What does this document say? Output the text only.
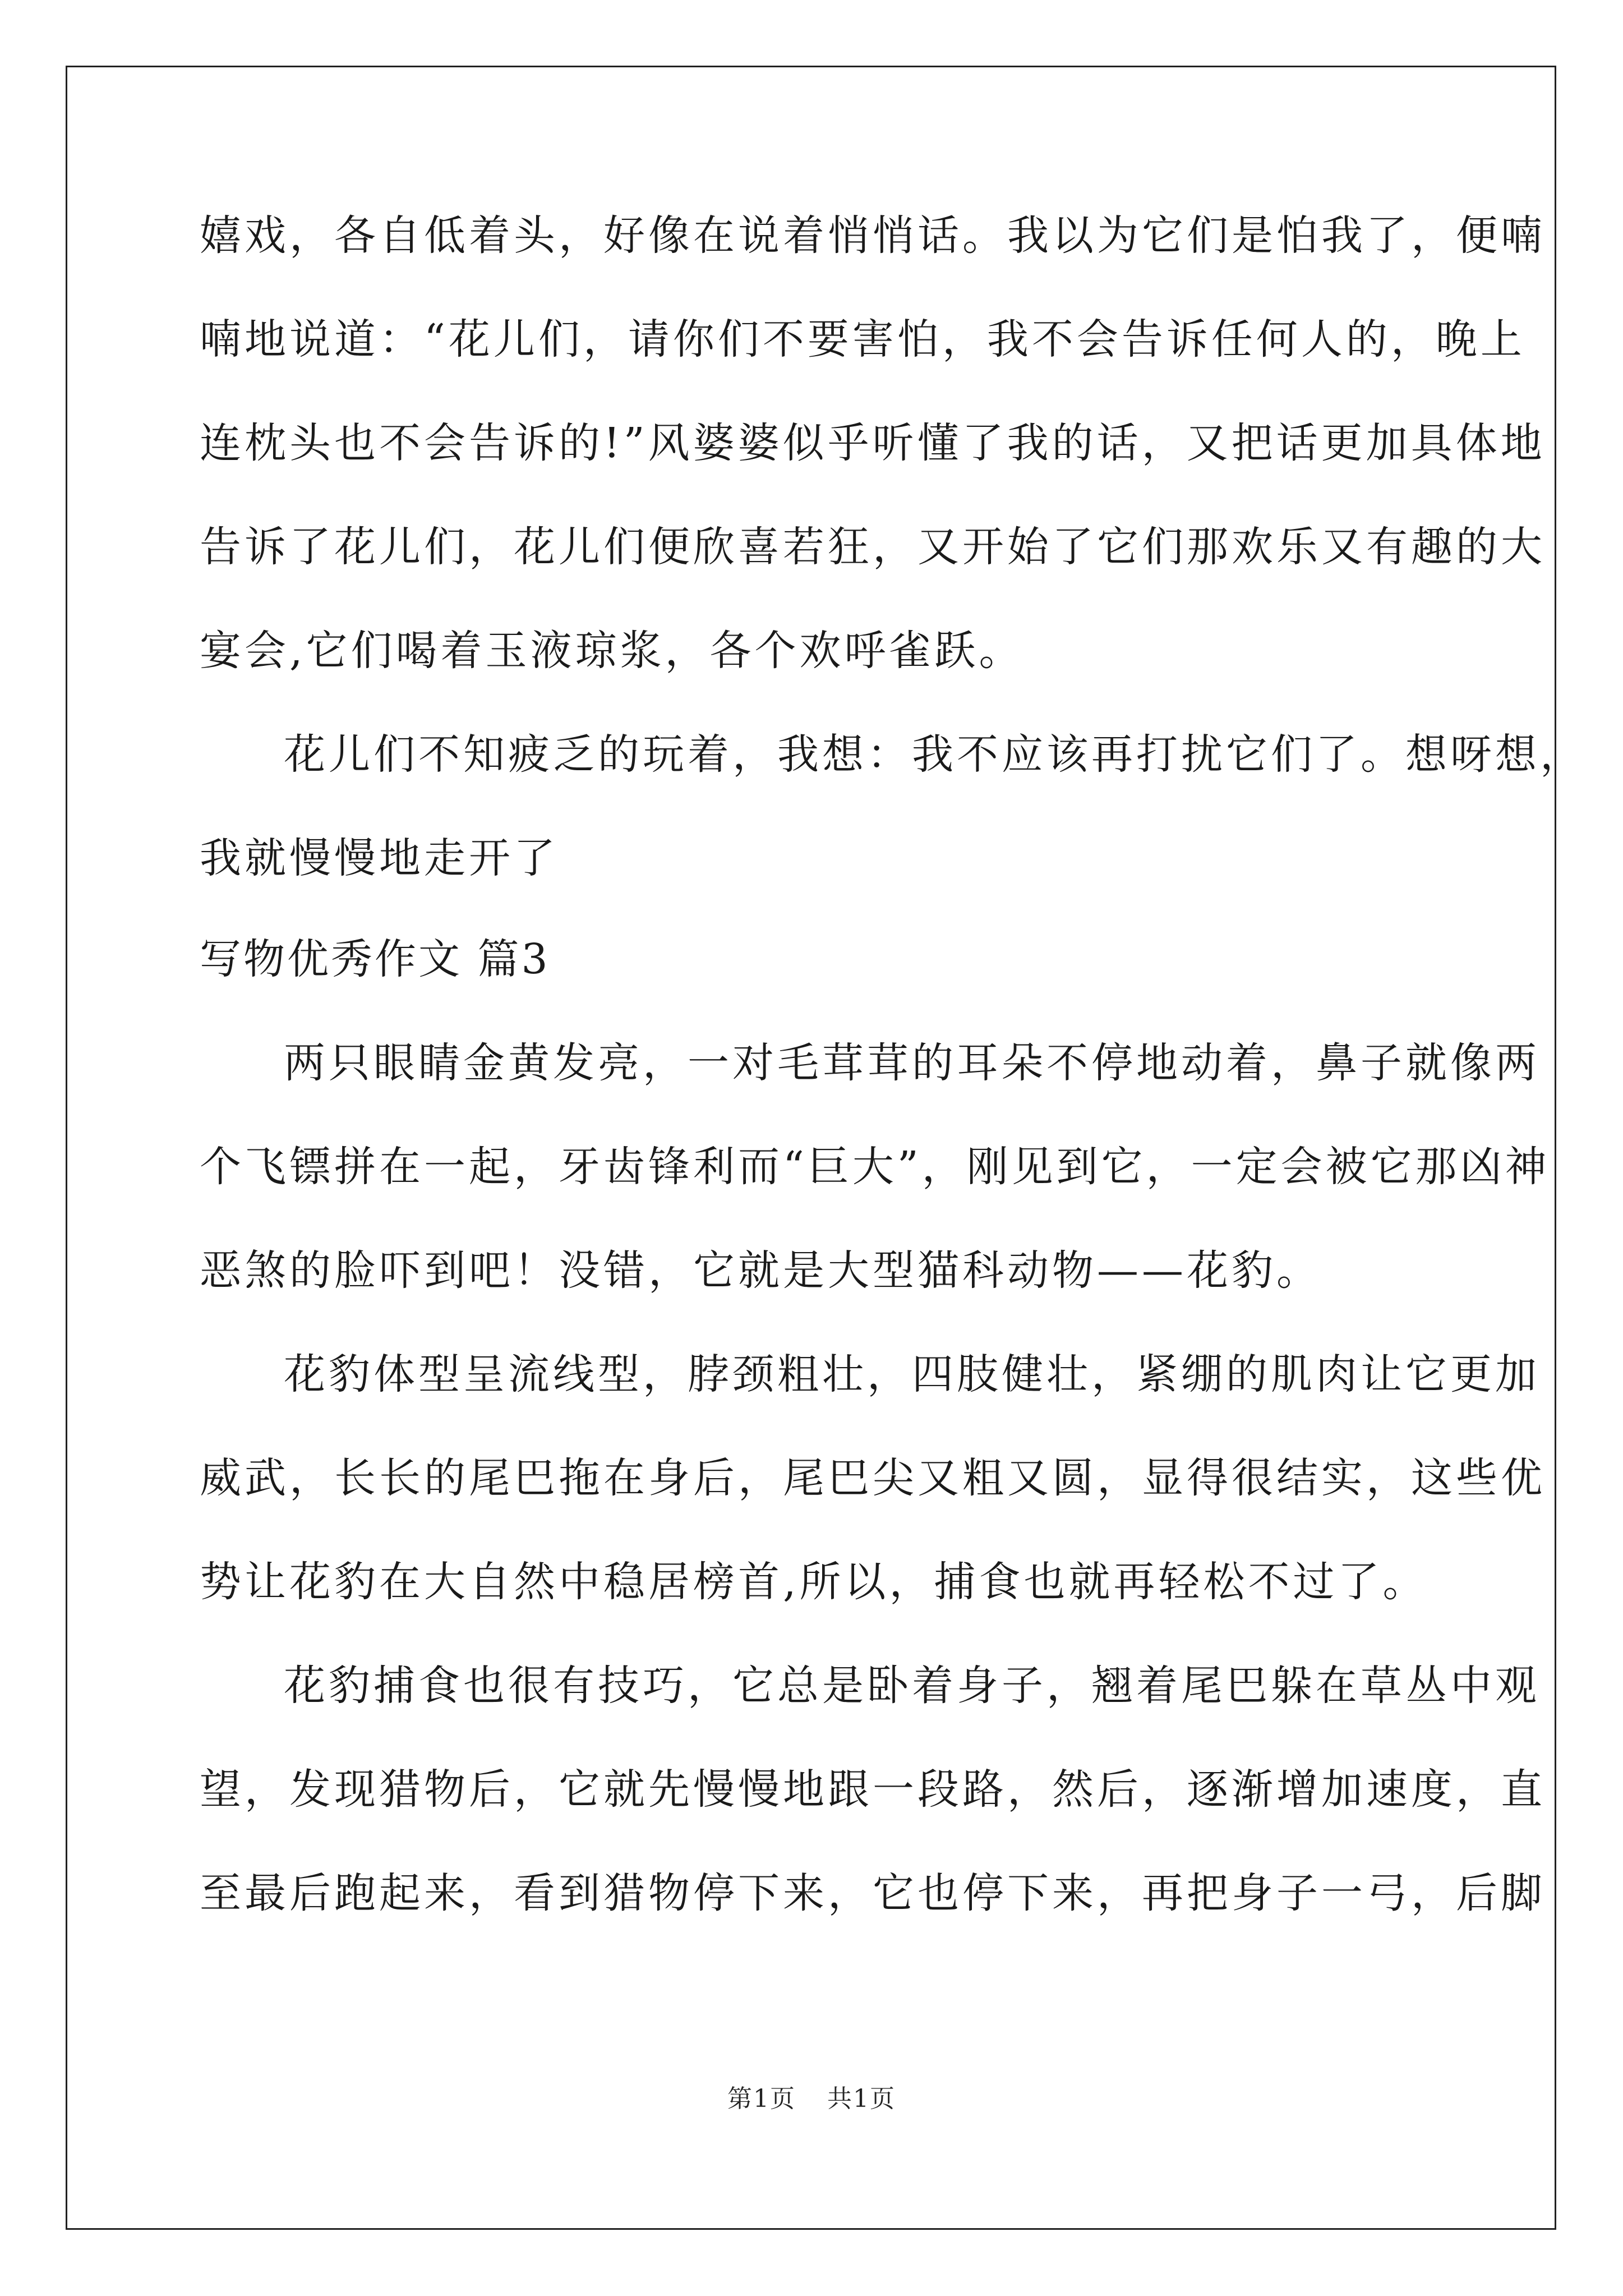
嬉戏，各自低着头，好像在说着悄悄话。我以为它们是怕我了，便喃
喃地说道：“花儿们，请你们不要害怕，我不会告诉任何人的，晚上
连枕头也不会告诉的!”风婆婆似乎听懂了我的话，又把话更加具体地
告诉了花儿们，花儿们便欣喜若狂，又开始了它们那欢乐又有趣的大
宴会,它们喝着玉液琼浆，各个欢呼雀跃。
花儿们不知疲乏的玩着，我想：我不应该再打扰它们了。想呀想，
我就慢慢地走开了
写物优秀作文 篇3
两只眼睛金黄发亮，一对毛茸茸的耳朵不停地动着，鼻子就像两
个飞镖拼在一起，牙齿锋利而“巨大”，刚见到它，一定会被它那凶神
恶煞的脸吓到吧！没错，它就是大型猫科动物——花豹。
花豹体型呈流线型，脖颈粗壮，四肢健壮，紧绷的肌肉让它更加
威武，长长的尾巴拖在身后，尾巴尖又粗又圆，显得很结实，这些优
势让花豹在大自然中稳居榜首,所以，捕食也就再轻松不过了。
花豹捕食也很有技巧，它总是卧着身子，翘着尾巴躲在草丛中观
望，发现猎物后，它就先慢慢地跟一段路，然后，逐渐增加速度，直
至最后跑起来，看到猎物停下来，它也停下来，再把身子一弓，后脚
第1页 共1页
